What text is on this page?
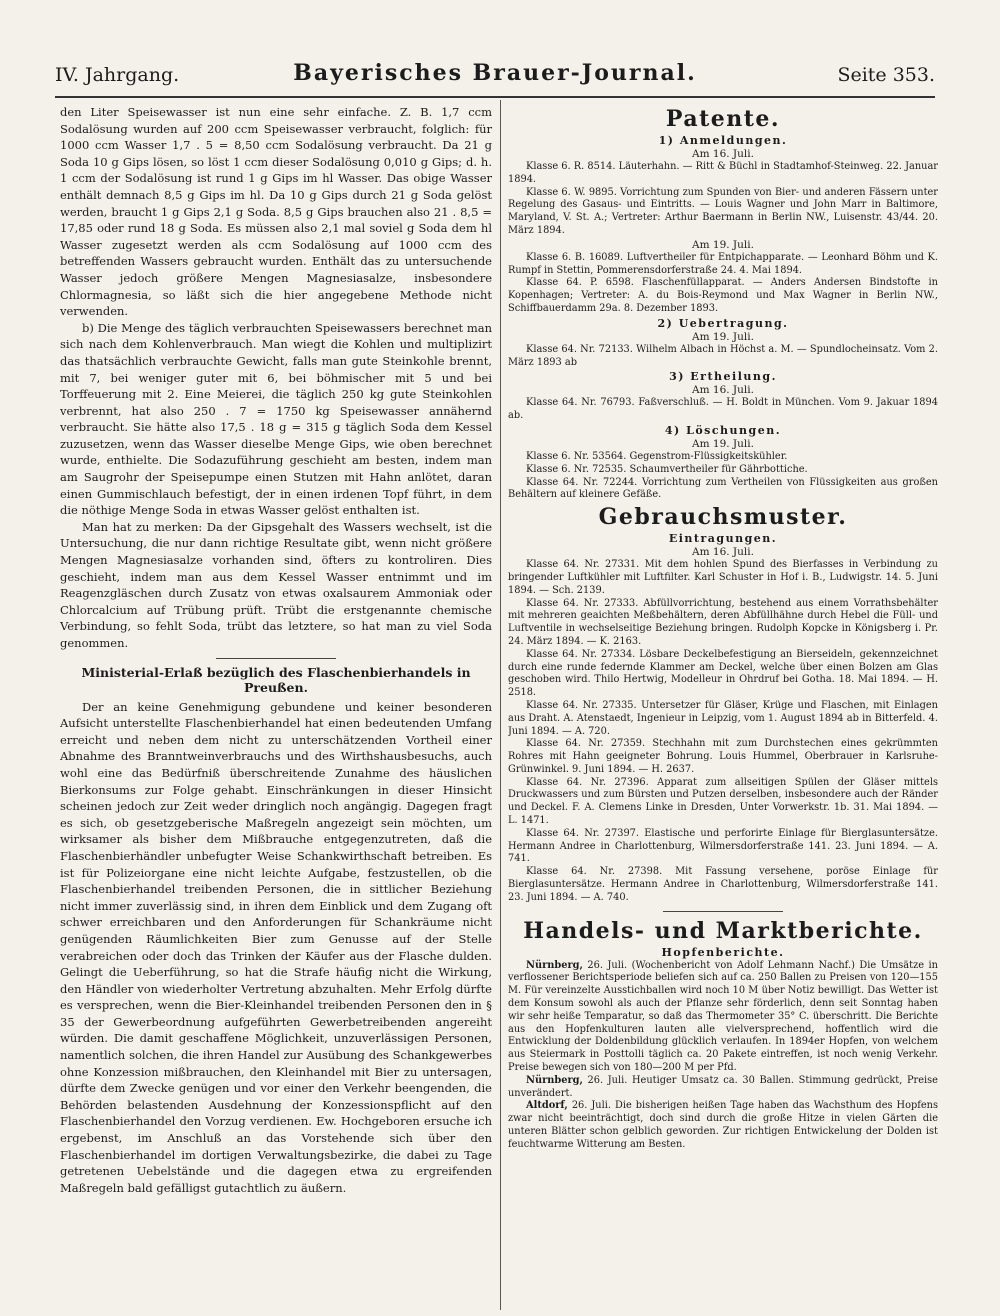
IV. Jahrgang.	Bayerisches Brauer-Journal.	Seite 353.

den Liter Speisewasser ist nun eine sehr einfache. Z. B. 1,7 ccm Sodalösung wurden auf 200 ccm Speisewasser verbraucht, folglich: für 1000 ccm Wasser 1,7 . 5 = 8,50 ccm Sodalösung verbraucht. Da 21 g Soda 10 g Gips lösen, so löst 1 ccm dieser Sodalösung 0,010 g Gips; d. h. 1 ccm der Sodalösung ist rund 1 g Gips im hl Wasser. Das obige Wasser enthält demnach 8,5 g Gips im hl. Da 10 g Gips durch 21 g Soda gelöst werden, braucht 1 g Gips 2,1 g Soda. 8,5 g Gips brauchen also 21 . 8,5 = 17,85 oder rund 18 g Soda. Es müssen also 2,1 mal soviel g Soda dem hl Wasser zugesetzt werden als ccm Sodalösung auf 1000 ccm des betreffenden Wassers gebraucht wurden. Enthält das zu untersuchende Wasser jedoch größere Mengen Magnesiasalze, insbesondere Chlormagnesia, so läßt sich die hier angegebene Methode nicht verwenden.

b) Die Menge des täglich verbrauchten Speisewassers berechnet man sich nach dem Kohlenverbrauch. Man wiegt die Kohlen und multiplizirt das thatsächlich verbrauchte Gewicht, falls man gute Steinkohle brennt, mit 7, bei weniger guter mit 6, bei böhmischer mit 5 und bei Torffeuerung mit 2. Eine Meierei, die täglich 250 kg gute Steinkohlen verbrennt, hat also 250 . 7 = 1750 kg Speisewasser annähernd verbraucht. Sie hätte also 17,5 . 18 g = 315 g täglich Soda dem Kessel zuzusetzen, wenn das Wasser dieselbe Menge Gips, wie oben berechnet wurde, enthielte. Die Sodazuführung geschieht am besten, indem man am Saugrohr der Speisepumpe einen Stutzen mit Hahn anlötet, daran einen Gummischlauch befestigt, der in einen irdenen Topf führt, in dem die nöthige Menge Soda in etwas Wasser gelöst enthalten ist.

Man hat zu merken: Da der Gipsgehalt des Wassers wechselt, ist die Untersuchung, die nur dann richtige Resultate gibt, wenn nicht größere Mengen Magnesiasalze vorhanden sind, öfters zu kontroliren. Dies geschieht, indem man aus dem Kessel Wasser entnimmt und im Reagenzgläschen durch Zusatz von etwas oxalsaurem Ammoniak oder Chlorcalcium auf Trübung prüft. Trübt die erstgenannte chemische Verbindung, so fehlt Soda, trübt das letztere, so hat man zu viel Soda genommen.

Ministerial-Erlaß bezüglich des Flaschenbierhandels in Preußen.

Der an keine Genehmigung gebundene und keiner besonderen Aufsicht unterstellte Flaschenbierhandel hat einen bedeutenden Umfang erreicht und neben dem nicht zu unterschätzenden Vortheil einer Abnahme des Branntweinverbrauchs und des Wirthshausbesuchs, auch wohl eine das Bedürfniß überschreitende Zunahme des häuslichen Bierkonsums zur Folge gehabt. Einschränkungen in dieser Hinsicht scheinen jedoch zur Zeit weder dringlich noch angängig. Dagegen fragt es sich, ob gesetzgeberische Maßregeln angezeigt sein möchten, um wirksamer als bisher dem Mißbrauche entgegenzutreten, daß die Flaschenbierhändler unbefugter Weise Schankwirthschaft betreiben. Es ist für Polizeiorgane eine nicht leichte Aufgabe, festzustellen, ob die Flaschenbierhandel treibenden Personen, die in sittlicher Beziehung nicht immer zuverlässig sind, in ihren dem Einblick und dem Zugang oft schwer erreichbaren und den Anforderungen für Schankräume nicht genügenden Räumlichkeiten Bier zum Genusse auf der Stelle verabreichen oder doch das Trinken der Käufer aus der Flasche dulden. Gelingt die Ueberführung, so hat die Strafe häufig nicht die Wirkung, den Händler von wiederholter Vertretung abzuhalten. Mehr Erfolg dürfte es versprechen, wenn die Bier-Kleinhandel treibenden Personen den in § 35 der Gewerbeordnung aufgeführten Gewerbetreibenden angereiht würden. Die damit geschaffene Möglichkeit, unzuverlässigen Personen, namentlich solchen, die ihren Handel zur Ausübung des Schankgewerbes ohne Konzession mißbrauchen, den Kleinhandel mit Bier zu untersagen, dürfte dem Zwecke genügen und vor einer den Verkehr beengenden, die Behörden belastenden Ausdehnung der Konzessionspflicht auf den Flaschenbierhandel den Vorzug verdienen. Ew. Hochgeboren ersuche ich ergebenst, im Anschluß an das Vorstehende sich über den Flaschenbierhandel im dortigen Verwaltungsbezirke, die dabei zu Tage getretenen Uebelstände und die dagegen etwa zu ergreifenden Maßregeln bald gefälligst gutachtlich zu äußern.

Patente.
1) Anmeldungen.
Am 16. Juli.

Klasse 6. R. 8514. Läuterhahn. — Ritt & Büchl in Stadtamhof-Steinweg. 22. Januar 1894.

Klasse 6. W. 9895. Vorrichtung zum Spunden von Bier- und anderen Fässern unter Regelung des Gasaus- und Eintritts. — Louis Wagner und John Marr in Baltimore, Maryland, V. St. A.; Vertreter: Arthur Baermann in Berlin NW., Luisenstr. 43/44. 20. März 1894.

Am 19. Juli.

Klasse 6. B. 16089. Luftvertheiler für Entpichapparate. — Leonhard Böhm und K. Rumpf in Stettin, Pommerensdorferstraße 24. 4. Mai 1894.

Klasse 64. P. 6598. Flaschenfüllapparat. — Anders Andersen Bindstofte in Kopenhagen; Vertreter: A. du Bois-Reymond und Max Wagner in Berlin NW., Schiffbauerdamm 29a. 8. Dezember 1893.

2) Uebertragung.
Am 19. Juli.

Klasse 64. Nr. 72133. Wilhelm Albach in Höchst a. M. — Spundlocheinsatz. Vom 2. März 1893 ab

3) Ertheilung.
Am 16. Juli.

Klasse 64. Nr. 76793. Faßverschluß. — H. Boldt in München. Vom 9. Jakuar 1894 ab.

4) Löschungen.
Am 19. Juli.

Klasse 6. Nr. 53564. Gegenstrom-Flüssigkeitskühler.

Klasse 6. Nr. 72535. Schaumvertheiler für Gährbottiche.

Klasse 64. Nr. 72244. Vorrichtung zum Vertheilen von Flüssigkeiten aus großen Behältern auf kleinere Gefäße.

Gebrauchsmuster.
Eintragungen.
Am 16. Juli.

Klasse 64. Nr. 27331. Mit dem hohlen Spund des Bierfasses in Verbindung zu bringender Luftkühler mit Luftfilter. Karl Schuster in Hof i. B., Ludwigstr. 14. 5. Juni 1894. — Sch. 2139.

Klasse 64. Nr. 27333. Abfüllvorrichtung, bestehend aus einem Vorrathsbehälter mit mehreren geaichten Meßbehältern, deren Abfüllhähne durch Hebel die Füll- und Luftventile in wechselseitige Beziehung bringen. Rudolph Kopcke in Königsberg i. Pr. 24. März 1894. — K. 2163.

Klasse 64. Nr. 27334. Lösbare Deckelbefestigung an Bierseideln, gekennzeichnet durch eine runde federnde Klammer am Deckel, welche über einen Bolzen am Glas geschoben wird. Thilo Hertwig, Modelleur in Ohrdruf bei Gotha. 18. Mai 1894. — H. 2518.

Klasse 64. Nr. 27335. Untersetzer für Gläser, Krüge und Flaschen, mit Einlagen aus Draht. A. Atenstaedt, Ingenieur in Leipzig, vom 1. August 1894 ab in Bitterfeld. 4. Juni 1894. — A. 720.

Klasse 64. Nr. 27359. Stechhahn mit zum Durchstechen eines gekrümmten Rohres mit Hahn geeigneter Bohrung. Louis Hummel, Oberbrauer in Karlsruhe-Grünwinkel. 9. Juni 1894. — H. 2637.

Klasse 64. Nr. 27396. Apparat zum allseitigen Spülen der Gläser mittels Druckwassers und zum Bürsten und Putzen derselben, insbesondere auch der Ränder und Deckel. F. A. Clemens Linke in Dresden, Unter Vorwerkstr. 1b. 31. Mai 1894. — L. 1471.

Klasse 64. Nr. 27397. Elastische und perforirte Einlage für Bierglasuntersätze. Hermann Andree in Charlottenburg, Wilmersdorferstraße 141. 23. Juni 1894. — A. 741.

Klasse 64. Nr. 27398. Mit Fassung versehene, poröse Einlage für Bierglasuntersätze. Hermann Andree in Charlottenburg, Wilmersdorferstraße 141. 23. Juni 1894. — A. 740.

Handels- und Marktberichte.
Hopfenberichte.

Nürnberg, 26. Juli. (Wochenbericht von Adolf Lehmann Nachf.) Die Umsätze in verflossener Berichtsperiode beliefen sich auf ca. 250 Ballen zu Preisen von 120—155 M. Für vereinzelte Ausstichballen wird noch 10 M über Notiz bewilligt. Das Wetter ist dem Konsum sowohl als auch der Pflanze sehr förderlich, denn seit Sonntag haben wir sehr heiße Temparatur, so daß das Thermometer 35° C. überschritt. Die Berichte aus den Hopfenkulturen lauten alle vielversprechend, hoffentlich wird die Entwicklung der Doldenbildung glücklich verlaufen. In 1894er Hopfen, von welchem aus Steiermark in Posttolli täglich ca. 20 Pakete eintreffen, ist noch wenig Verkehr. Preise bewegen sich von 180—200 M per Pfd.

Nürnberg, 26. Juli. Heutiger Umsatz ca. 30 Ballen. Stimmung gedrückt, Preise unverändert.

Altdorf, 26. Juli. Die bisherigen heißen Tage haben das Wachsthum des Hopfens zwar nicht beeinträchtigt, doch sind durch die große Hitze in vielen Gärten die unteren Blätter schon gelblich geworden. Zur richtigen Entwickelung der Dolden ist feuchtwarme Witterung am Besten.
